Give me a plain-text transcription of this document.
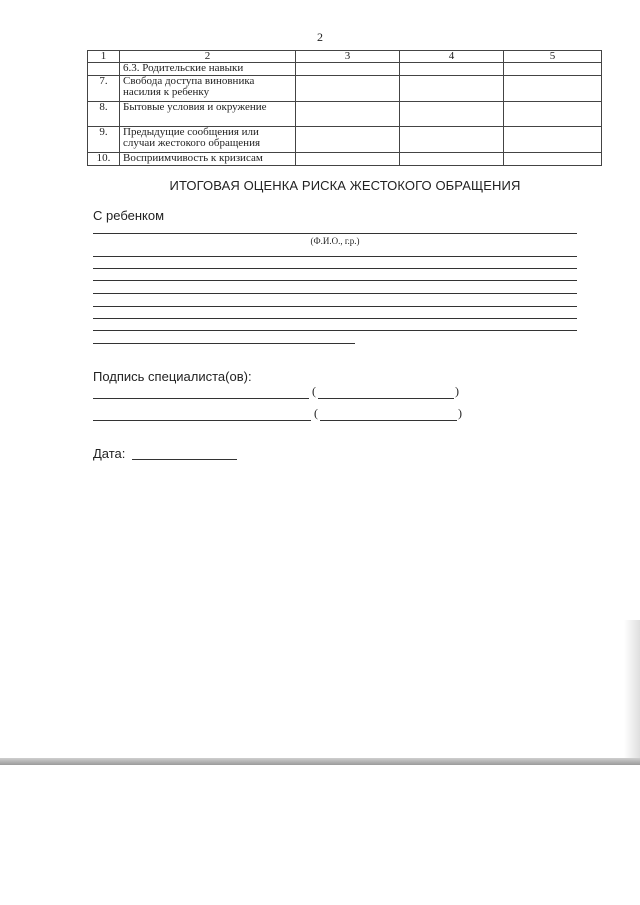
2
1	2	3	4	5
	6.3. Родительские навыки			
7.	Свобода доступа виновника насилия к ребенку			
8.	Бытовые условия и окружение			
9.	Предыдущие сообщения или случаи жестокого обращения			
10.	Восприимчивость к кризисам			
ИТОГОВАЯ ОЦЕНКА РИСКА ЖЕСТОКОГО ОБРАЩЕНИЯ
С ребенком
(Ф.И.О., г.р.)
Подпись специалиста(ов):
(	)
(	)
Дата:
